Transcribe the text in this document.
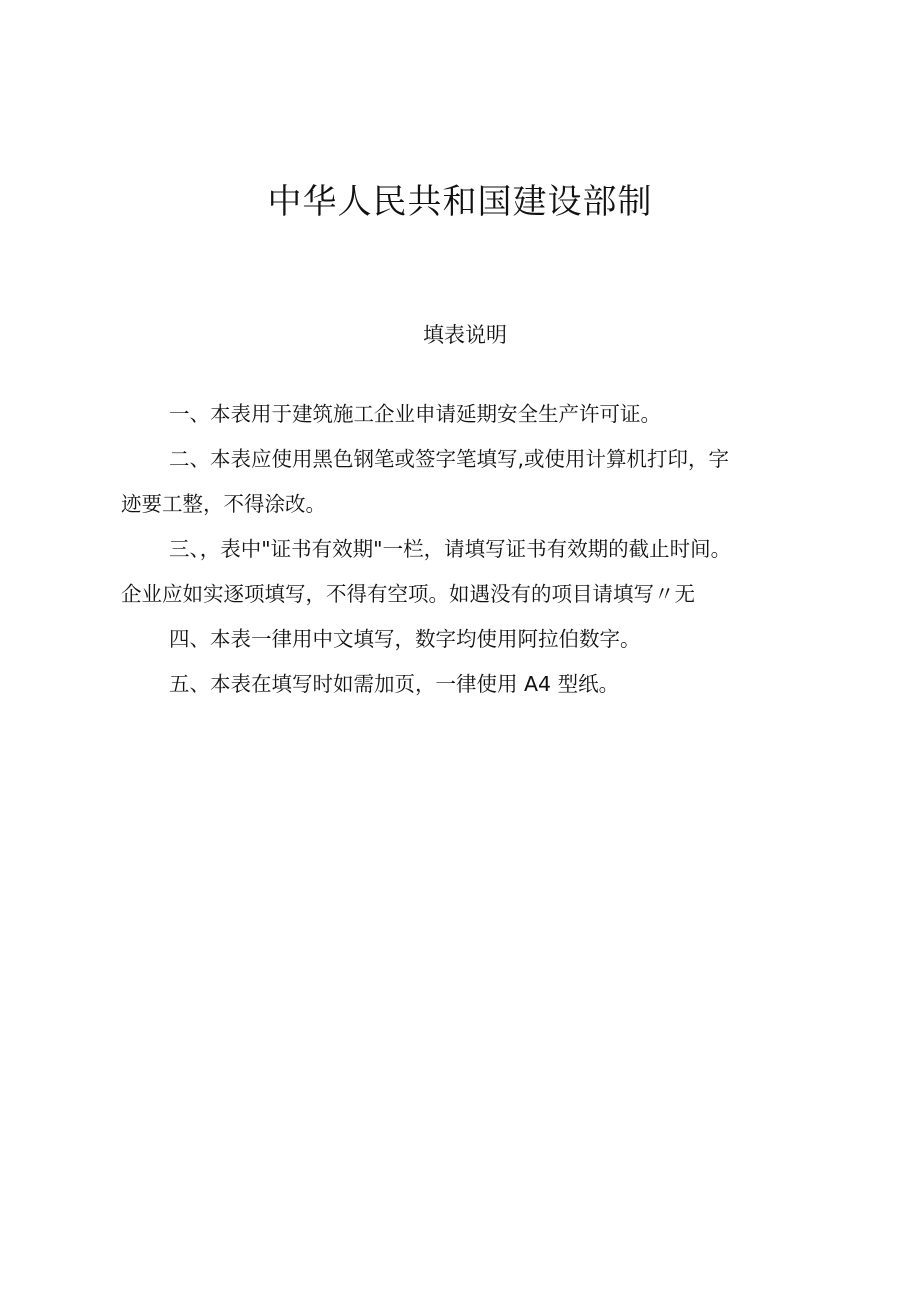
中华人民共和国建设部制
填表说明

一、本表用于建筑施工企业申请延期安全生产许可证。

二、本表应使用黑色钢笔或签字笔填写,或使用计算机打印，字

迹要工整，不得涂改。

三、，表中"证书有效期"一栏，请填写证书有效期的截止时间。

企业应如实逐项填写，不得有空项。如遇没有的项目请填写〃无

四、本表一律用中文填写，数字均使用阿拉伯数字。

五、本表在填写时如需加页，一律使用 A4 型纸。
